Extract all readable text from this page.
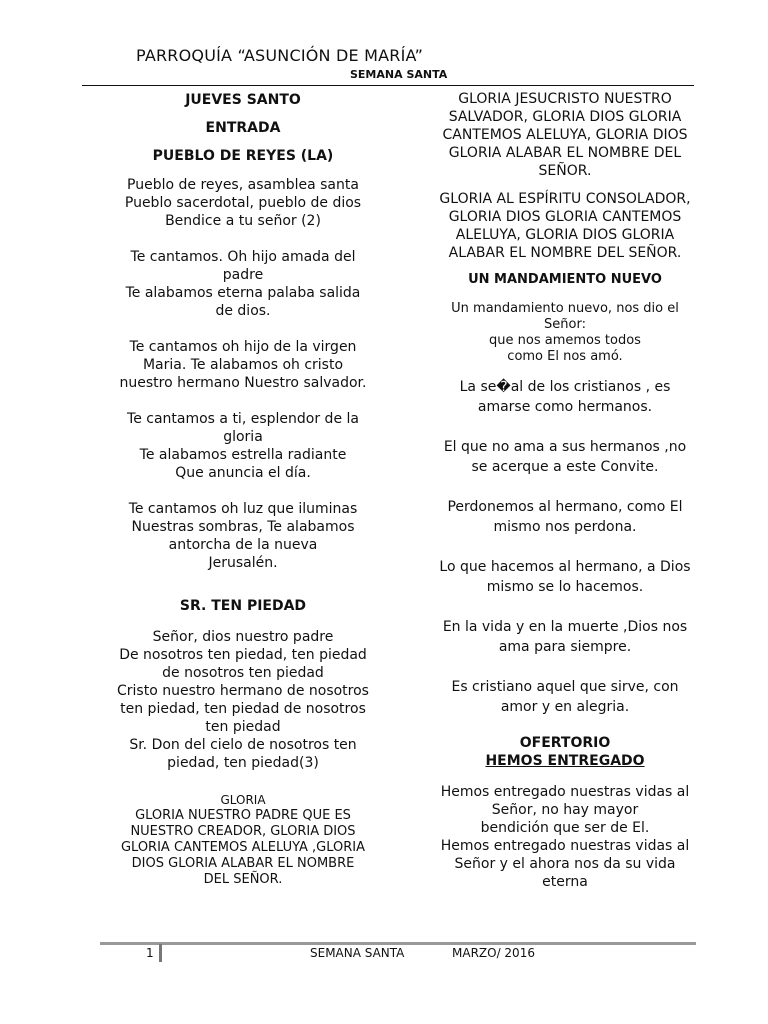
PARROQUÍA “ASUNCIÓN DE MARÍA”
SEMANA SANTA
JUEVES SANTO
ENTRADA
PUEBLO DE REYES (LA)
Pueblo de reyes, asamblea santa
Pueblo sacerdotal, pueblo de dios
Bendice a tu señor (2)
Te cantamos. Oh hijo amada del
padre
Te alabamos eterna palaba salida
de dios.
Te cantamos oh hijo de la virgen
Maria. Te alabamos oh cristo
nuestro hermano Nuestro salvador.
Te cantamos a ti, esplendor de la
gloria
Te alabamos estrella radiante
Que anuncia el día.
Te cantamos oh luz que iluminas
Nuestras sombras, Te alabamos
antorcha de la nueva
Jerusalén.
SR. TEN PIEDAD
Señor, dios nuestro padre
De nosotros ten piedad, ten piedad
de nosotros ten piedad
Cristo nuestro hermano de nosotros
ten piedad, ten piedad de nosotros
ten piedad
Sr. Don del cielo de nosotros ten
piedad, ten piedad(3)
GLORIA
GLORIA NUESTRO PADRE QUE ES
NUESTRO CREADOR, GLORIA DIOS
GLORIA CANTEMOS ALELUYA ,GLORIA
DIOS GLORIA ALABAR EL NOMBRE
DEL SEÑOR.
GLORIA JESUCRISTO NUESTRO
SALVADOR, GLORIA DIOS GLORIA
CANTEMOS ALELUYA, GLORIA DIOS
GLORIA ALABAR EL NOMBRE DEL
SEÑOR.
GLORIA AL ESPÍRITU CONSOLADOR,
GLORIA DIOS GLORIA CANTEMOS
ALELUYA, GLORIA DIOS GLORIA
ALABAR EL NOMBRE DEL SEÑOR.
UN MANDAMIENTO NUEVO
Un mandamiento nuevo, nos dio el
Señor:
que nos amemos todos
como El nos amó.
La se�al de los cristianos , es
amarse como hermanos.
El que no ama a sus hermanos ,no
se acerque a este Convite.
Perdonemos al hermano, como El
mismo nos perdona.
Lo que hacemos al hermano, a Dios
mismo se lo hacemos.
En la vida y en la muerte ,Dios nos
ama para siempre.
Es cristiano aquel que sirve, con
amor y en alegria.
OFERTORIO
HEMOS ENTREGADO
Hemos entregado nuestras vidas al
Señor, no hay mayor
bendición que ser de El.
Hemos entregado nuestras vidas al
Señor y el ahora nos da su vida
eterna
1	SEMANA SANTA	MARZO/ 2016
